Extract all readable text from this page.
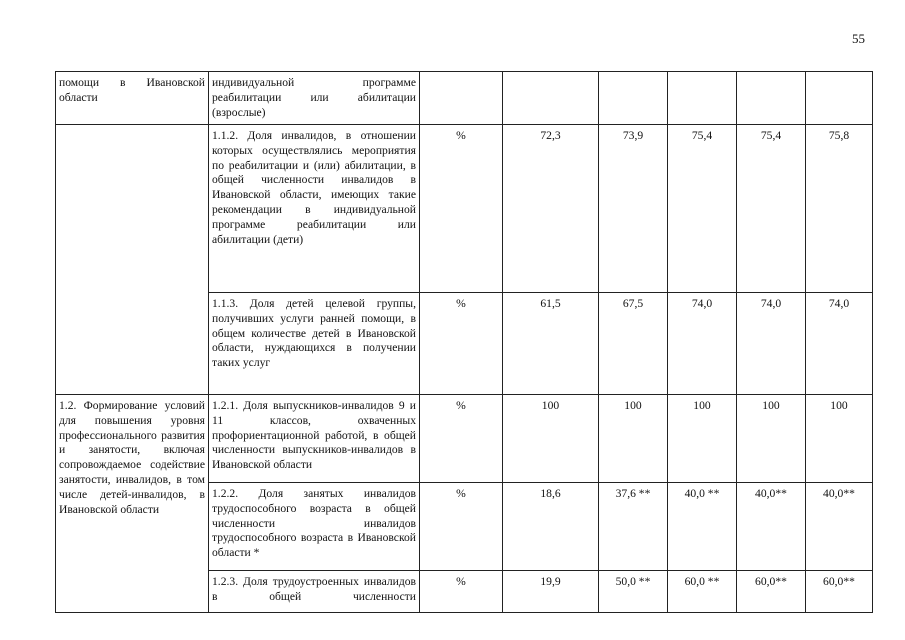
55
помощи в Ивановской области	индивидуальной программе реабилитации или абилитации (взрослые)						

	1.1.2. Доля инвалидов, в отношении которых осуществлялись мероприятия по реабилитации и (или) абилитации, в общей численности инвалидов в Ивановской области, имеющих такие рекомендации в индивидуальной программе реабилитации или абилитации (дети)	%	72,3	73,9	75,4	75,4	75,8
	1.1.3. Доля детей целевой группы, получивших услуги ранней помощи, в общем количестве детей в Ивановской области, нуждающихся в получении таких услуг	%	61,5	67,5	74,0	74,0	74,0
1.2. Формирование условий для повышения уровня профессионального развития и занятости, включая сопровождаемое содействие занятости, инвалидов, в том числе детей-инвалидов, в Ивановской области	1.2.1. Доля выпускников-инвалидов 9 и 11 классов, охваченных профориентационной работой, в общей численности выпускников-инвалидов в Ивановской области	%	100	100	100	100	100
	1.2.2. Доля занятых инвалидов трудоспособного возраста в общей численности инвалидов трудоспособного возраста в Ивановской области *	%	18,6	37,6 **	40,0 **	40,0**	40,0**
	1.2.3. Доля трудоустроенных инвалидов в общей численности	%	19,9	50,0 **	60,0 **	60,0**	60,0**
